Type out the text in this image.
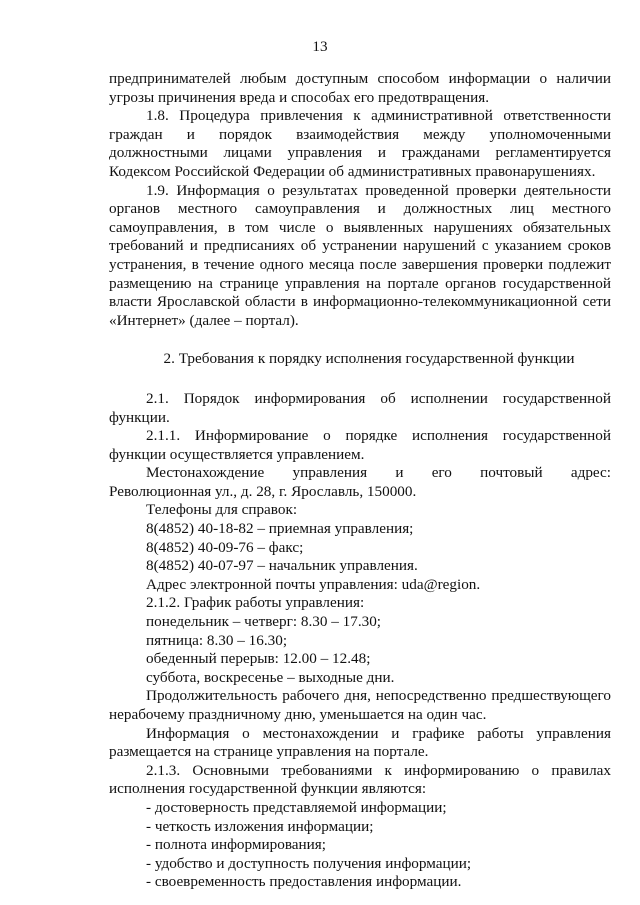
13

предпринимателей любым доступным способом информации о наличии угрозы причинения вреда и способах его предотвращения.

1.8. Процедура привлечения к административной ответственности граждан и порядок взаимодействия между уполномоченными должностными лицами управления и гражданами регламентируется Кодексом Российской Федерации об административных правонарушениях.

1.9. Информация о результатах проведенной проверки деятельности органов местного самоуправления и должностных лиц местного самоуправления, в том числе о выявленных нарушениях обязательных требований и предписаниях об устранении нарушений с указанием сроков устранения, в течение одного месяца после завершения проверки подлежит размещению на странице управления на портале органов государственной власти Ярославской области в информационно-телекоммуникационной сети «Интернет» (далее – портал).

2. Требования к порядку исполнения государственной функции

2.1. Порядок информирования об исполнении государственной функции.

2.1.1. Информирование о порядке исполнения государственной функции осуществляется управлением.

Местонахождение управления и его почтовый адрес:

Революционная ул., д. 28, г. Ярославль, 150000.

Телефоны для справок:

8(4852) 40-18-82 – приемная управления;

8(4852) 40-09-76 – факс;

8(4852) 40-07-97 – начальник управления.

Адрес электронной почты управления: uda@region.

2.1.2. График работы управления:

понедельник – четверг: 8.30 – 17.30;

пятница: 8.30 – 16.30;

обеденный перерыв: 12.00 – 12.48;

суббота, воскресенье – выходные дни.

Продолжительность рабочего дня, непосредственно предшествующего нерабочему праздничному дню, уменьшается на один час.

Информация о местонахождении и графике работы управления размещается на странице управления на портале.

2.1.3. Основными требованиями к информированию о правилах исполнения государственной функции являются:

- достоверность представляемой информации;

- четкость изложения информации;

- полнота информирования;

- удобство и доступность получения информации;

- своевременность предоставления информации.
